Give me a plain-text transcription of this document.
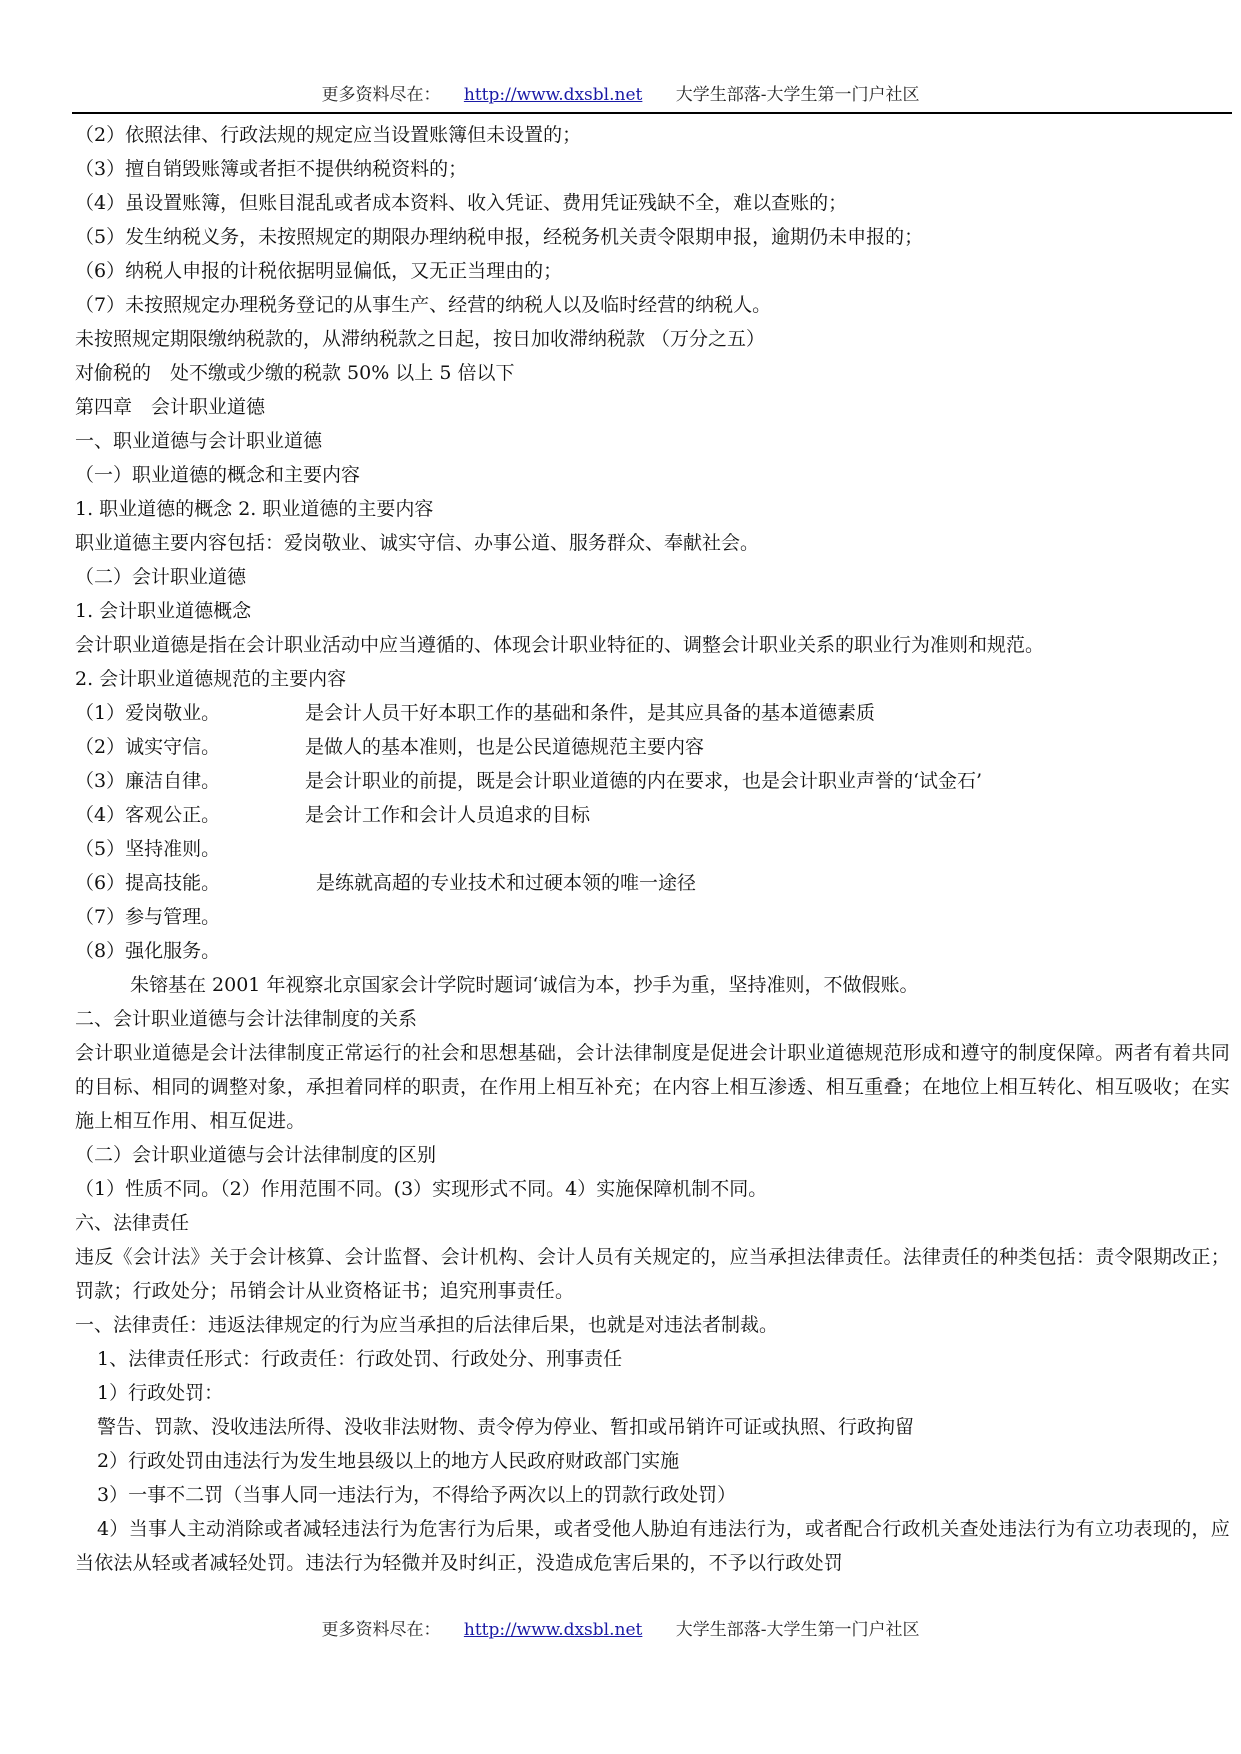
更多资料尽在： http://www.dxsbl.net 大学生部落-大学生第一门户社区
（2）依照法律、行政法规的规定应当设置账簿但未设置的；
（3）擅自销毁账簿或者拒不提供纳税资料的；
（4）虽设置账簿，但账目混乱或者成本资料、收入凭证、费用凭证残缺不全，难以查账的；
（5）发生纳税义务，未按照规定的期限办理纳税申报，经税务机关责令限期申报，逾期仍未申报的；
（6）纳税人申报的计税依据明显偏低，又无正当理由的；
（7）未按照规定办理税务登记的从事生产、经营的纳税人以及临时经营的纳税人。
未按照规定期限缴纳税款的，从滞纳税款之日起，按日加收滞纳税款 （万分之五）
对偷税的　处不缴或少缴的税款 50% 以上 5 倍以下
第四章　会计职业道德
一、职业道德与会计职业道德
（一）职业道德的概念和主要内容
1. 职业道德的概念 2. 职业道德的主要内容
职业道德主要内容包括：爱岗敬业、诚实守信、办事公道、服务群众、奉献社会。
（二）会计职业道德
1. 会计职业道德概念
会计职业道德是指在会计职业活动中应当遵循的、体现会计职业特征的、调整会计职业关系的职业行为准则和规范。
2. 会计职业道德规范的主要内容
（1）爱岗敬业。	是会计人员干好本职工作的基础和条件，是其应具备的基本道德素质
（2）诚实守信。	是做人的基本准则，也是公民道德规范主要内容
（3）廉洁自律。	是会计职业的前提，既是会计职业道德的内在要求，也是会计职业声誉的‘试金石’
（4）客观公正。	是会计工作和会计人员追求的目标
（5）坚持准则。
（6）提高技能。	是练就高超的专业技术和过硬本领的唯一途径
（7）参与管理。
（8）强化服务。
朱镕基在 2001 年视察北京国家会计学院时题词‘诚信为本，抄手为重，坚持准则，不做假账。
二、会计职业道德与会计法律制度的关系
会计职业道德是会计法律制度正常运行的社会和思想基础，会计法律制度是促进会计职业道德规范形成和遵守的制度保障。两者有着共同的目标、相同的调整对象，承担着同样的职责，在作用上相互补充；在内容上相互渗透、相互重叠；在地位上相互转化、相互吸收；在实施上相互作用、相互促进。
（二）会计职业道德与会计法律制度的区别
（1）性质不同。（2）作用范围不同。(3）实现形式不同。4）实施保障机制不同。
六、法律责任
违反《会计法》关于会计核算、会计监督、会计机构、会计人员有关规定的，应当承担法律责任。法律责任的种类包括：责令限期改正；罚款；行政处分；吊销会计从业资格证书；追究刑事责任。
一、法律责任：违返法律规定的行为应当承担的后法律后果，也就是对违法者制裁。
1、法律责任形式：行政责任：行政处罚、行政处分、刑事责任
1）行政处罚：
警告、罚款、没收违法所得、没收非法财物、责令停为停业、暂扣或吊销许可证或执照、行政拘留
2）行政处罚由违法行为发生地县级以上的地方人民政府财政部门实施
3）一事不二罚（当事人同一违法行为，不得给予两次以上的罚款行政处罚）
4）当事人主动消除或者减轻违法行为危害行为后果，或者受他人胁迫有违法行为，或者配合行政机关查处违法行为有立功表现的，应当依法从轻或者减轻处罚。违法行为轻微并及时纠正，没造成危害后果的，不予以行政处罚
更多资料尽在： http://www.dxsbl.net 大学生部落-大学生第一门户社区
